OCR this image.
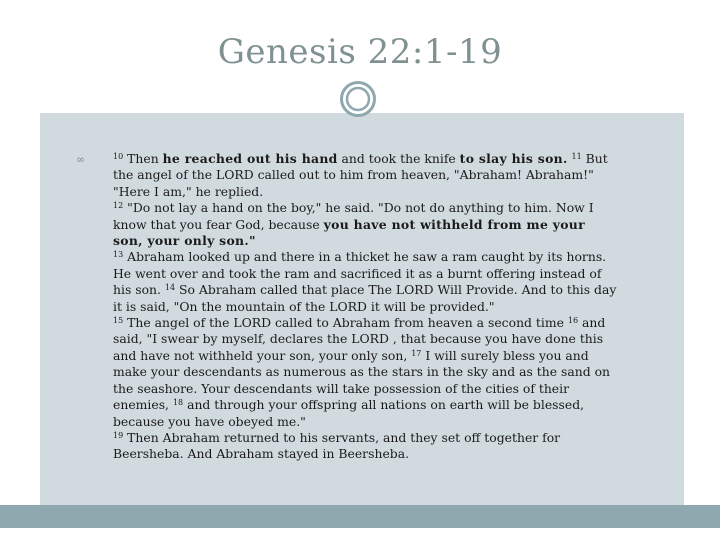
Genesis 22:1-19
∞	$^{10}$ Then he reached out his hand and took the knife to slay his son. $^{11}$ But
the angel of the LORD called out to him from heaven, "Abraham! Abraham!"
"Here I am," he replied.
$^{12}$ "Do not lay a hand on the boy," he said. "Do not do anything to him. Now I
know that you fear God, because you have not withheld from me your
son, your only son."
$^{13}$ Abraham looked up and there in a thicket he saw a ram caught by its horns.
He went over and took the ram and sacrificed it as a burnt offering instead of
his son. $^{14}$ So Abraham called that place The LORD Will Provide. And to this day
it is said, "On the mountain of the LORD it will be provided."
$^{15}$ The angel of the LORD called to Abraham from heaven a second time $^{16}$ and
said, "I swear by myself, declares the LORD , that because you have done this
and have not withheld your son, your only son, $^{17}$ I will surely bless you and
make your descendants as numerous as the stars in the sky and as the sand on
the seashore. Your descendants will take possession of the cities of their
enemies, $^{18}$ and through your offspring all nations on earth will be blessed,
because you have obeyed me."
$^{19}$ Then Abraham returned to his servants, and they set off together for
Beersheba. And Abraham stayed in Beersheba.
